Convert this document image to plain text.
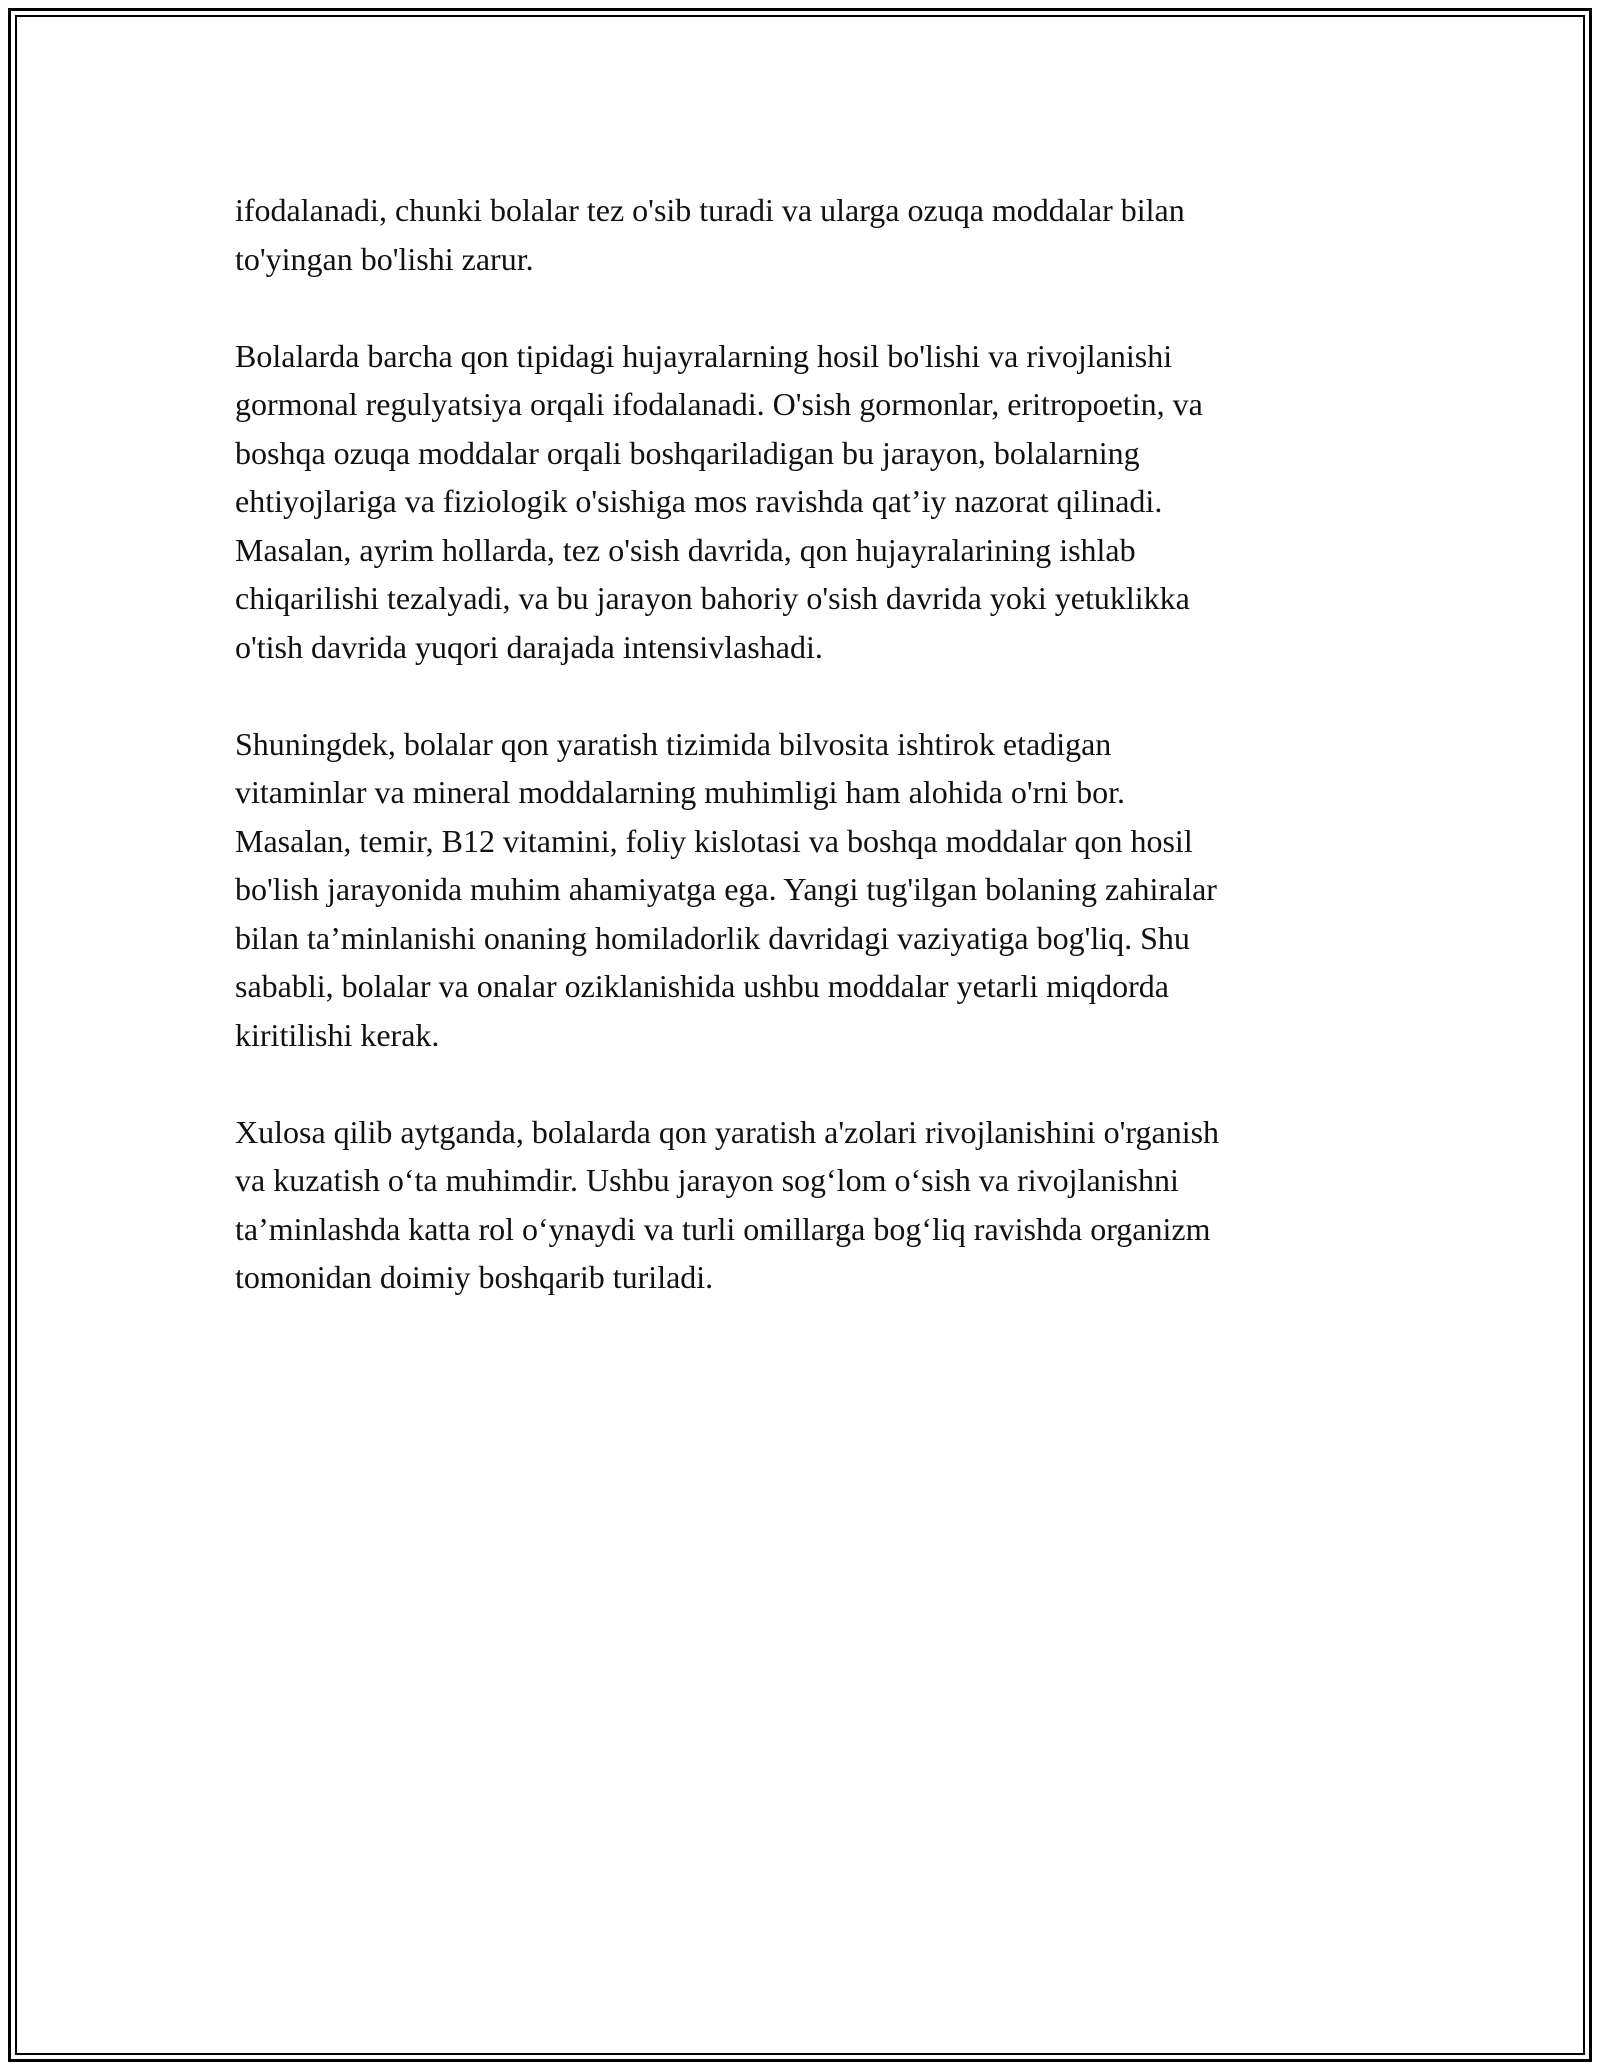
ifodalanadi, chunki bolalar tez o'sib turadi va ularga ozuqa moddalar bilan
to'yingan bo'lishi zarur.

Bolalarda barcha qon tipidagi hujayralarning hosil bo'lishi va rivojlanishi
gormonal regulyatsiya orqali ifodalanadi. O'sish gormonlar, eritropoetin, va
boshqa ozuqa moddalar orqali boshqariladigan bu jarayon, bolalarning
ehtiyojlariga va fiziologik o'sishiga mos ravishda qat’iy nazorat qilinadi.
Masalan, ayrim hollarda, tez o'sish davrida, qon hujayralarining ishlab
chiqarilishi tezalyadi, va bu jarayon bahoriy o'sish davrida yoki yetuklikka
o'tish davrida yuqori darajada intensivlashadi.

Shuningdek, bolalar qon yaratish tizimida bilvosita ishtirok etadigan
vitaminlar va mineral moddalarning muhimligi ham alohida o'rni bor.
Masalan, temir, B12 vitamini, foliy kislotasi va boshqa moddalar qon hosil
bo'lish jarayonida muhim ahamiyatga ega. Yangi tug'ilgan bolaning zahiralar
bilan ta’minlanishi onaning homiladorlik davridagi vaziyatiga bog'liq. Shu
sababli, bolalar va onalar oziklanishida ushbu moddalar yetarli miqdorda
kiritilishi kerak.

Xulosa qilib aytganda, bolalarda qon yaratish a'zolari rivojlanishini o'rganish
va kuzatish o‘ta muhimdir. Ushbu jarayon sog‘lom o‘sish va rivojlanishni
ta’minlashda katta rol o‘ynaydi va turli omillarga bog‘liq ravishda organizm
tomonidan doimiy boshqarib turiladi.
